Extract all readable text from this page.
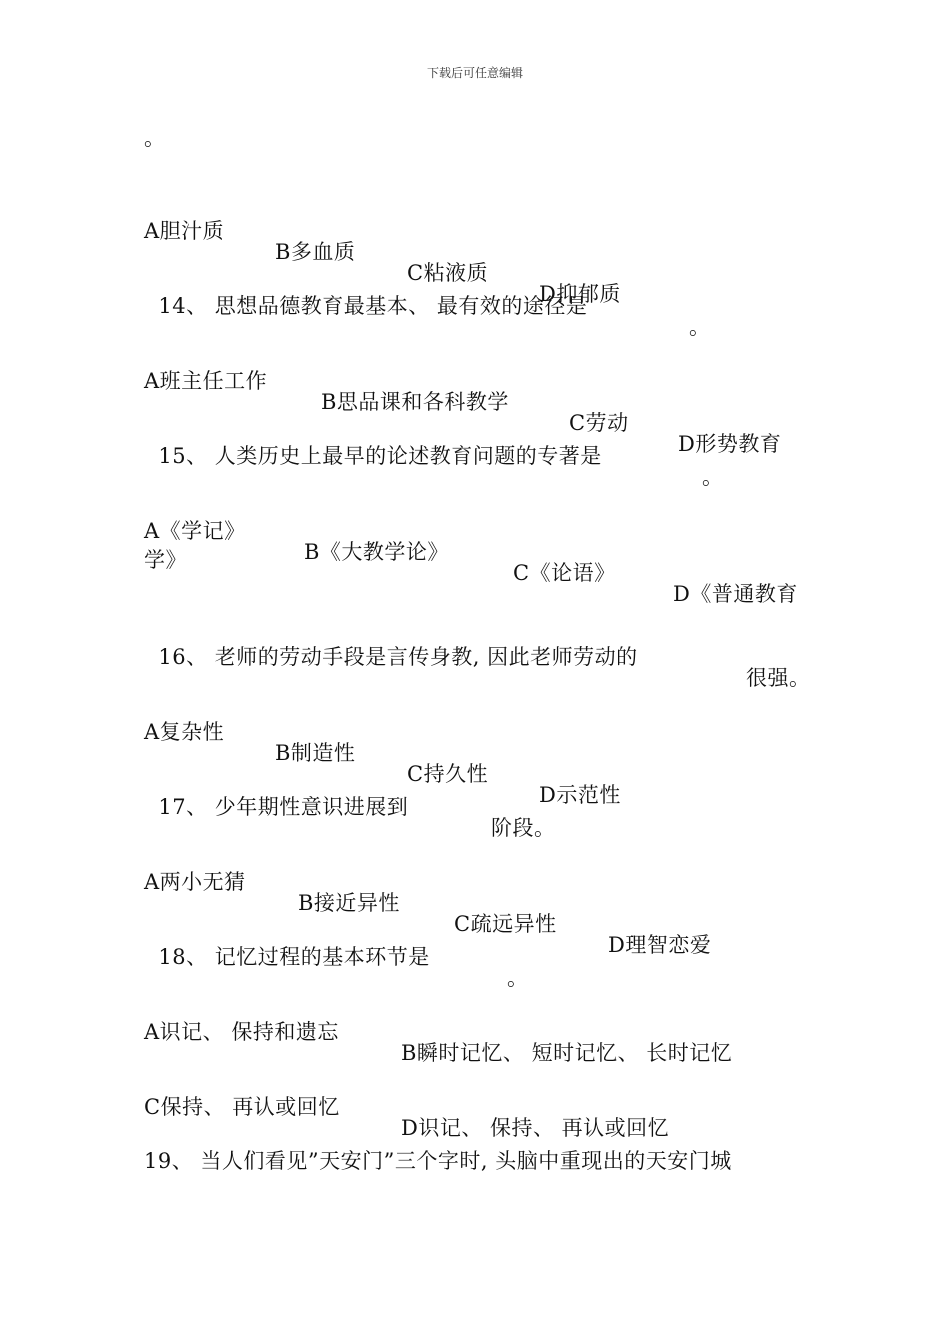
下载后可任意编辑
。

A胆汁质

B多血质

C粘液质

D抑郁质

14、 思想品德教育最基本、 最有效的途径是

。

A班主任工作

B思品课和各科教学

C劳动

D形势教育

15、 人类历史上最早的论述教育问题的专著是

。

A《学记》

B《大教学论》

C《论语》

D《普通教育

学》

16、 老师的劳动手段是言传身教, 因此老师劳动的

很强。

A复杂性

B制造性

C持久性

D示范性

17、 少年期性意识进展到

阶段。

A两小无猜

B接近异性

C疏远异性

D理智恋爱

18、 记忆过程的基本环节是

。

A识记、 保持和遗忘

B瞬时记忆、 短时记忆、 长时记忆

C保持、 再认或回忆

D识记、 保持、 再认或回忆

19、 当人们看见”天安门”三个字时, 头脑中重现出的天安门城
